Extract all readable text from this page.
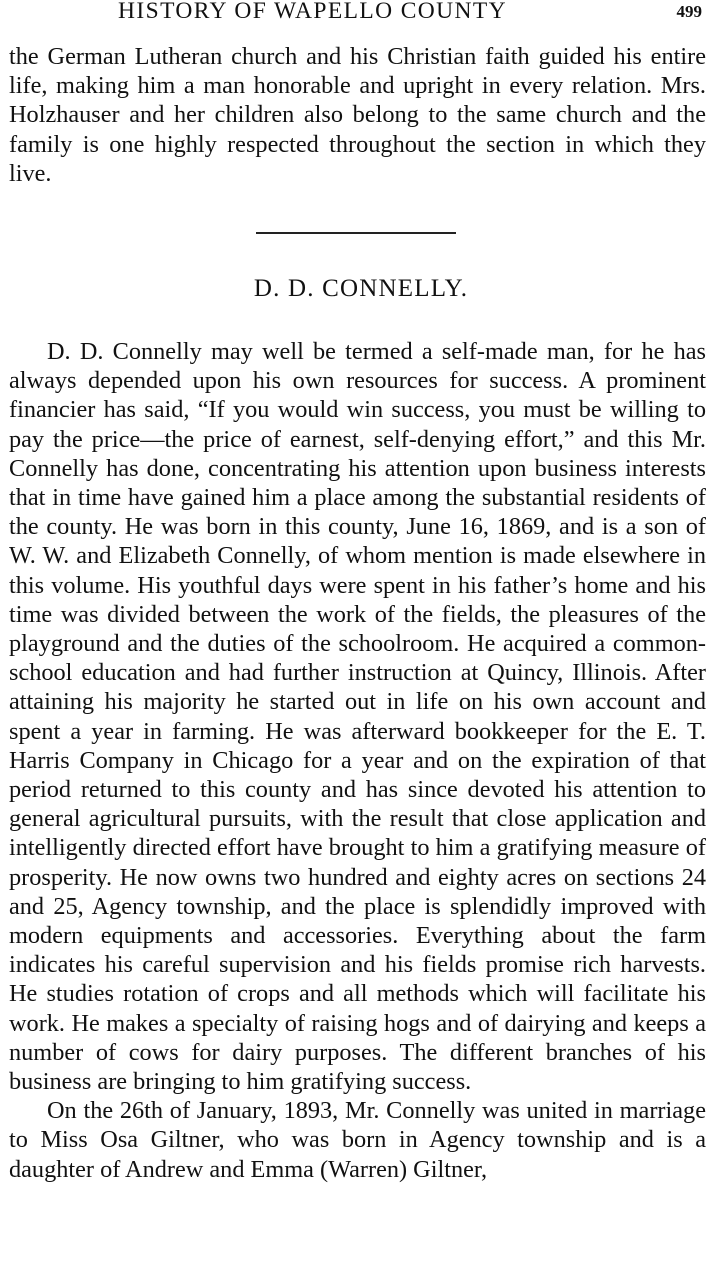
HISTORY OF WAPELLO COUNTY	499

the German Lutheran church and his Christian faith guided his entire life, making him a man honorable and upright in every relation. Mrs. Holzhauser and her children also belong to the same church and the family is one highly respected throughout the section in which they live.

D. D. CONNELLY.

D. D. Connelly may well be termed a self-made man, for he has always depended upon his own resources for success. A prominent financier has said, “If you would win success, you must be willing to pay the price—the price of earnest, self-denying effort,” and this Mr. Connelly has done, concentrating his attention upon business interests that in time have gained him a place among the substantial residents of the county. He was born in this county, June 16, 1869, and is a son of W. W. and Elizabeth Connelly, of whom mention is made elsewhere in this volume. His youthful days were spent in his father’s home and his time was divided between the work of the fields, the pleasures of the playground and the duties of the schoolroom. He acquired a common-school education and had further instruction at Quincy, Illinois. After attaining his majority he started out in life on his own account and spent a year in farming. He was afterward bookkeeper for the E. T. Harris Company in Chicago for a year and on the expiration of that period returned to this county and has since devoted his attention to general agricultural pursuits, with the result that close application and intelligently directed effort have brought to him a gratifying measure of prosperity. He now owns two hundred and eighty acres on sections 24 and 25, Agency township, and the place is splendidly improved with modern equipments and accessories. Everything about the farm indicates his careful supervision and his fields promise rich harvests. He studies rotation of crops and all methods which will facilitate his work. He makes a specialty of raising hogs and of dairying and keeps a number of cows for dairy purposes. The different branches of his business are bringing to him gratifying success.

On the 26th of January, 1893, Mr. Connelly was united in marriage to Miss Osa Giltner, who was born in Agency township and is a daughter of Andrew and Emma (Warren) Giltner,
